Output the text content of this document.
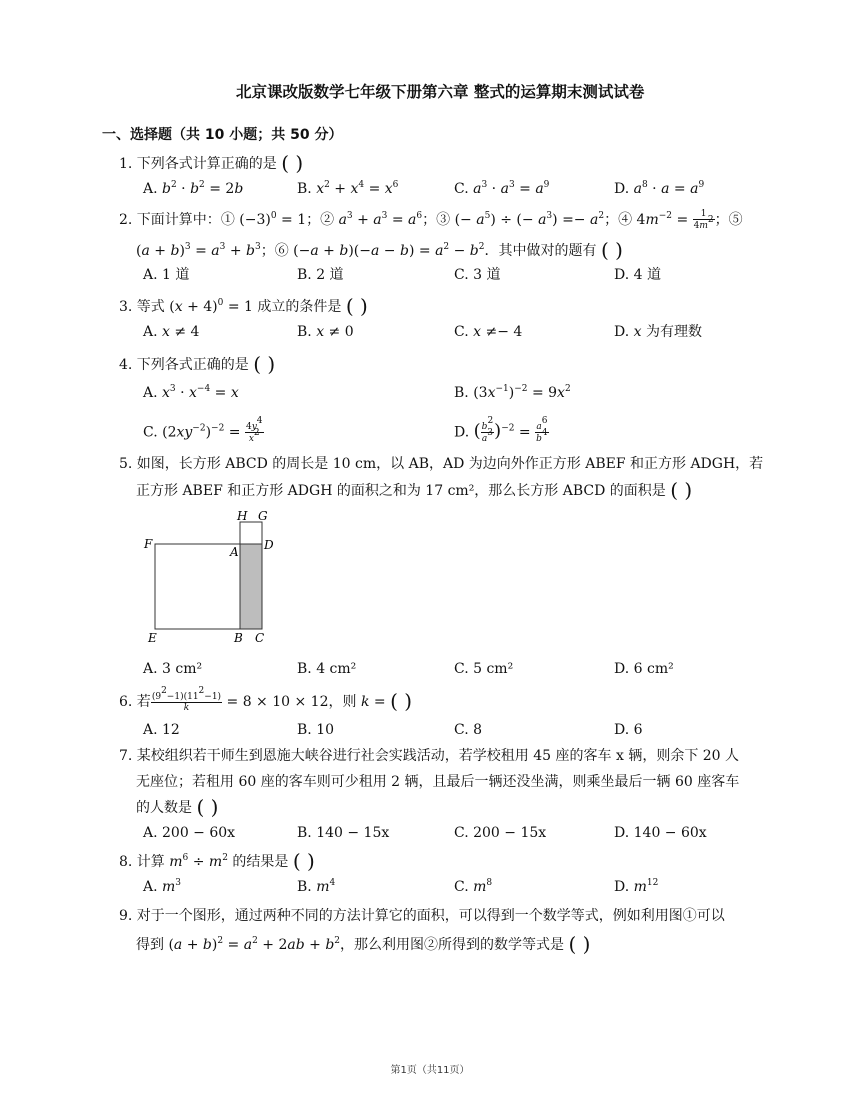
北京课改版数学七年级下册第六章 整式的运算期末测试试卷
一、选择题（共 10 小题；共 50 分）
1. 下列各式计算正确的是 ( )
A. $b^2 \cdot b^2 = 2b$	B. $x^2 + x^4 = x^6$	C. $a^3 \cdot a^3 = a^9$	D. $a^8 \cdot a = a^9$
2. 下面计算中：① $(-3)^0 = 1$；② $a^3 + a^3 = a^6$；③ (− $a^5$) ÷ (− $a^3) =- a^2$；④ $4m^{-2} = \frac{1}{4m^2}$ ；⑤
$(a + b)^3 = a^3 + b^3$；⑥ $(-a + b)(-a - b) = a^2 - b^2$．其中做对的题有 ( )
A. 1 道	B. 2 道	C. 3 道	D. 4 道
3. 等式 $(x + 4)^0 = 1$ 成立的条件是 ( )
A. x ≠ 4	B. x ≠ 0	C. x ≠− 4	D. x 为有理数
4. 下列各式正确的是 ( )
A. $x^3 \cdot x^{-4} = x$	B. $(3x^{-1})^{-2} = 9x^2$
C. $(2xy^{-2})^{-2} = \frac{4y^4}{x^2}$	D. ( $\frac{b^2}{a^3} )^{-2} = \frac{a^6}{b^4}$
5. 如图，长方形 ABCD 的周长是 10 cm，以 AB，AD 为边向外作正方形 ABEF 和正方形 ADGH，若
正方形 ABEF 和正方形 ADGH 的面积之和为 17 cm²，那么长方形 ABCD 的面积是 ( )
H G
F
A D
E	B C
A. 3 cm²	B. 4 cm²	C. 5 cm²	D. 6 cm²
6. 若 $\frac{(9^2-1)(11^2-1)}{k} = 8 \times 10 \times 12$，则 k = ( )
A. 12	B. 10	C. 8	D. 6
7. 某校组织若干师生到恩施大峡谷进行社会实践活动，若学校租用 45 座的客车 x 辆，则余下 20 人
无座位；若租用 60 座的客车则可少租用 2 辆，且最后一辆还没坐满，则乘坐最后一辆 60 座客车
的人数是 ( )
A. 200 − 60x	B. 140 − 15x	C. 200 − 15x	D. 140 − 60x
8. 计算 $m^6 \div m^2$ 的结果是 ( )
A. $m^3$	B. $m^4$	C. $m^8$	D. $m^{12}$
9. 对于一个图形，通过两种不同的方法计算它的面积，可以得到一个数学等式，例如利用图①可以
得到 $(a + b)^2 = a^2 + 2ab + b^2$，那么利用图②所得到的数学等式是 ( )
第1页（共11页）
